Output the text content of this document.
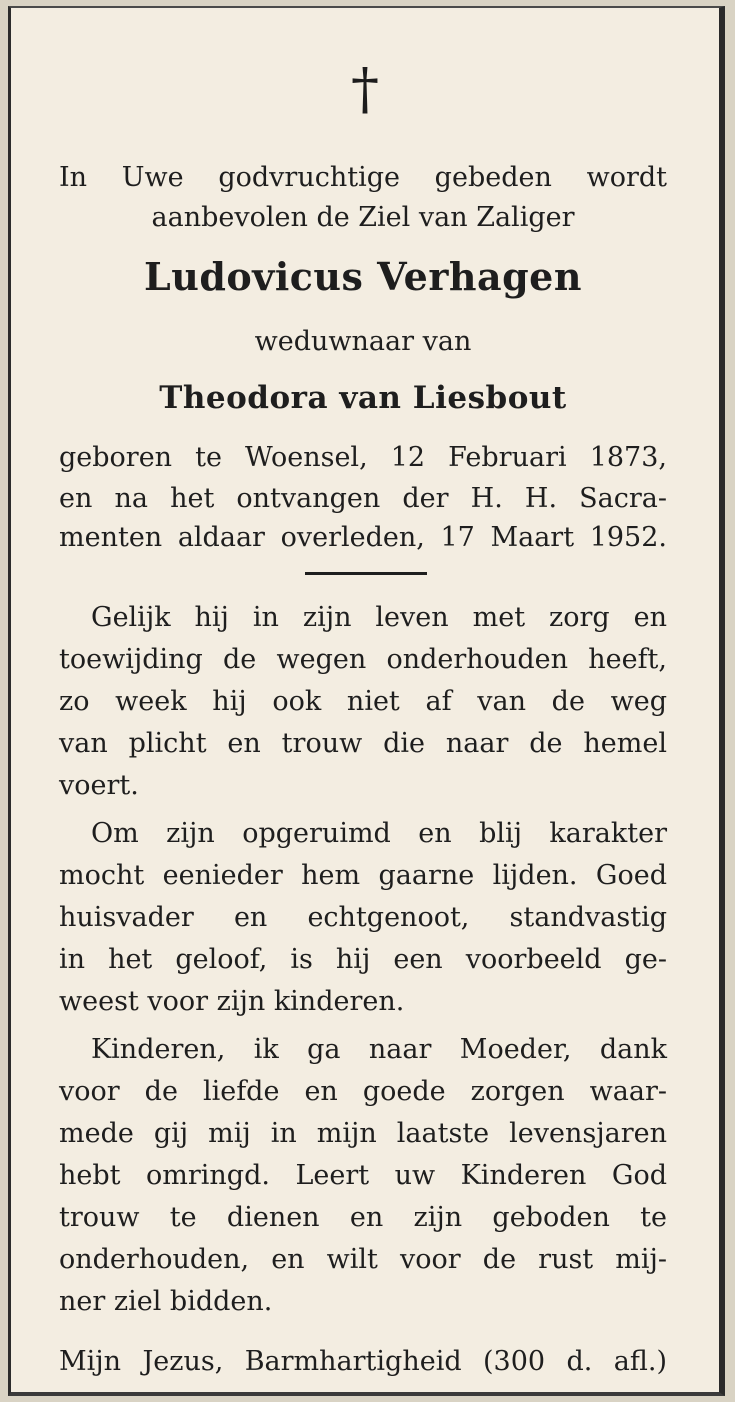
†
In Uwe godvruchtige gebeden wordt
aanbevolen de Ziel van Zaliger
Ludovicus Verhagen
weduwnaar van
Theodora van Liesbout
geboren te Woensel, 12 Februari 1873,
en na het ontvangen der H. H. Sacra-
menten aldaar overleden, 17 Maart 1952.
Gelijk hij in zijn leven met zorg en
toewijding de wegen onderhouden heeft,
zo week hij ook niet af van de weg
van plicht en trouw die naar de hemel
voert.
Om zijn opgeruimd en blij karakter
mocht eenieder hem gaarne lijden. Goed
huisvader en echtgenoot, standvastig
in het geloof, is hij een voorbeeld ge-
weest voor zijn kinderen.
Kinderen, ik ga naar Moeder, dank
voor de liefde en goede zorgen waar-
mede gij mij in mijn laatste levensjaren
hebt omringd. Leert uw Kinderen God
trouw te dienen en zijn geboden te
onderhouden, en wilt voor de rust mij-
ner ziel bidden.
Mijn Jezus, Barmhartigheid (300 d. afl.)
